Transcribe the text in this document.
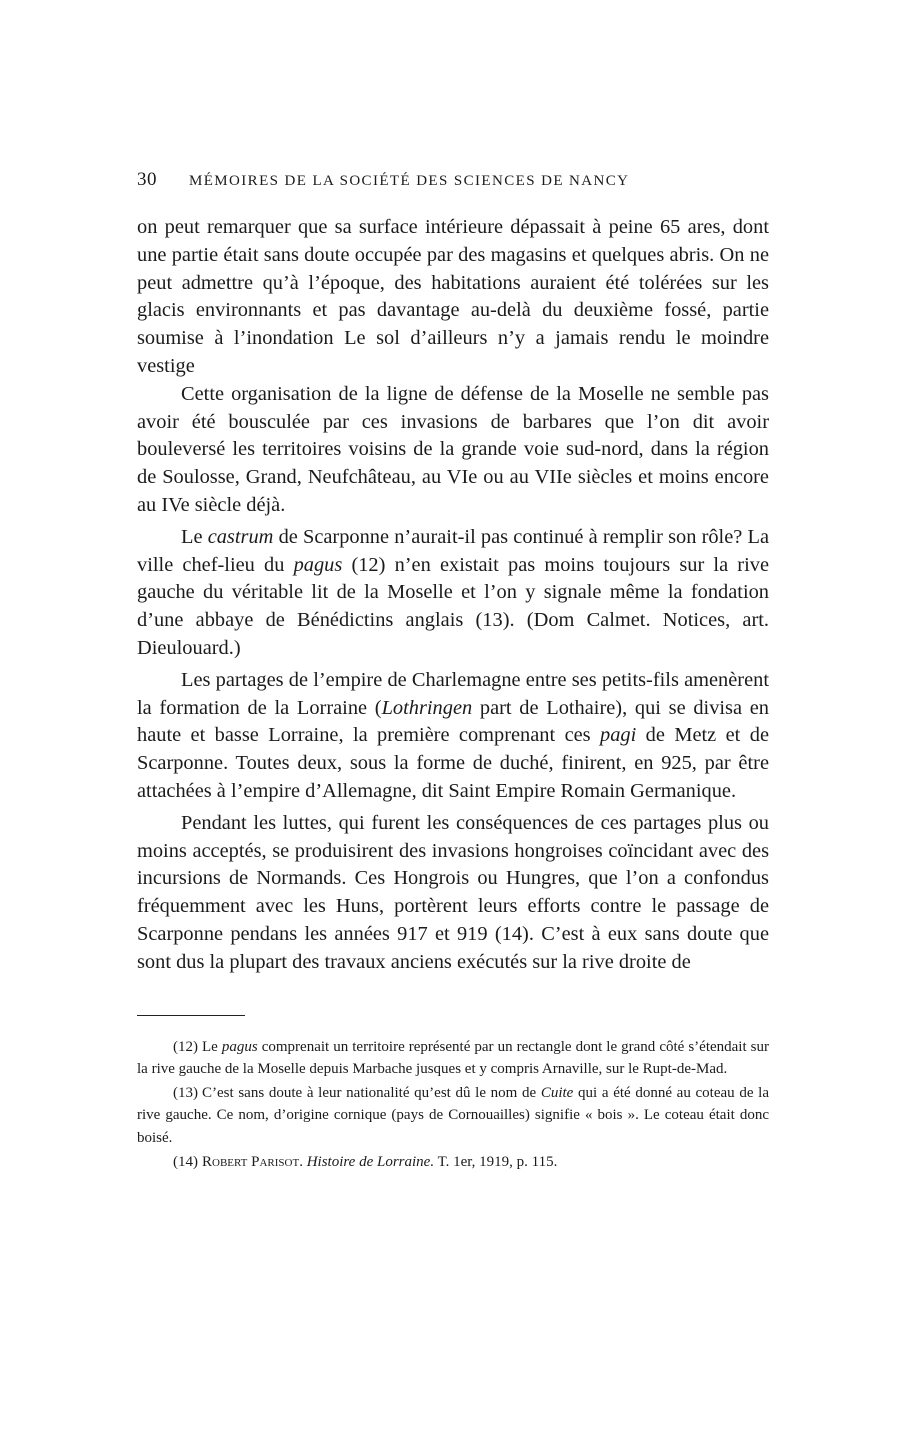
30 MÉMOIRES DE LA SOCIÉTÉ DES SCIENCES DE NANCY

on peut remarquer que sa surface intérieure dépassait à peine 65 ares, dont une partie était sans doute occupée par des magasins et quelques abris. On ne peut admettre qu’à l’époque, des habitations auraient été tolérées sur les glacis environnants et pas davantage au-delà du deuxième fossé, partie soumise à l’inondation Le sol d’ailleurs n’y a jamais rendu le moindre vestige

Cette organisation de la ligne de défense de la Moselle ne semble pas avoir été bousculée par ces invasions de barbares que l’on dit avoir bouleversé les territoires voisins de la grande voie sud-nord, dans la région de Soulosse, Grand, Neufchâteau, au VIe ou au VIIe siècles et moins encore au IVe siècle déjà.

Le castrum de Scarponne n’aurait-il pas continué à remplir son rôle? La ville chef-lieu du pagus (12) n’en existait pas moins toujours sur la rive gauche du véritable lit de la Moselle et l’on y signale même la fondation d’une abbaye de Bénédictins anglais (13). (Dom Calmet. Notices, art. Dieulouard.)

Les partages de l’empire de Charlemagne entre ses petits-fils amenèrent la formation de la Lorraine (Lothringen part de Lothaire), qui se divisa en haute et basse Lorraine, la première comprenant ces pagi de Metz et de Scarponne. Toutes deux, sous la forme de duché, finirent, en 925, par être attachées à l’empire d’Allemagne, dit Saint Empire Romain Germanique.

Pendant les luttes, qui furent les conséquences de ces partages plus ou moins acceptés, se produisirent des invasions hongroises coïncidant avec des incursions de Normands. Ces Hongrois ou Hungres, que l’on a confondus fréquemment avec les Huns, portèrent leurs efforts contre le passage de Scarponne pendans les années 917 et 919 (14). C’est à eux sans doute que sont dus la plupart des travaux anciens exécutés sur la rive droite de

(12) Le pagus comprenait un territoire représenté par un rectangle dont le grand côté s’étendait sur la rive gauche de la Moselle depuis Marbache jusques et y compris Arnaville, sur le Rupt-de-Mad.

(13) C’est sans doute à leur nationalité qu’est dû le nom de Cuite qui a été donné au coteau de la rive gauche. Ce nom, d’origine cornique (pays de Cornouailles) signifie « bois ». Le coteau était donc boisé.

(14) Robert Parisot. Histoire de Lorraine. T. 1er, 1919, p. 115.
